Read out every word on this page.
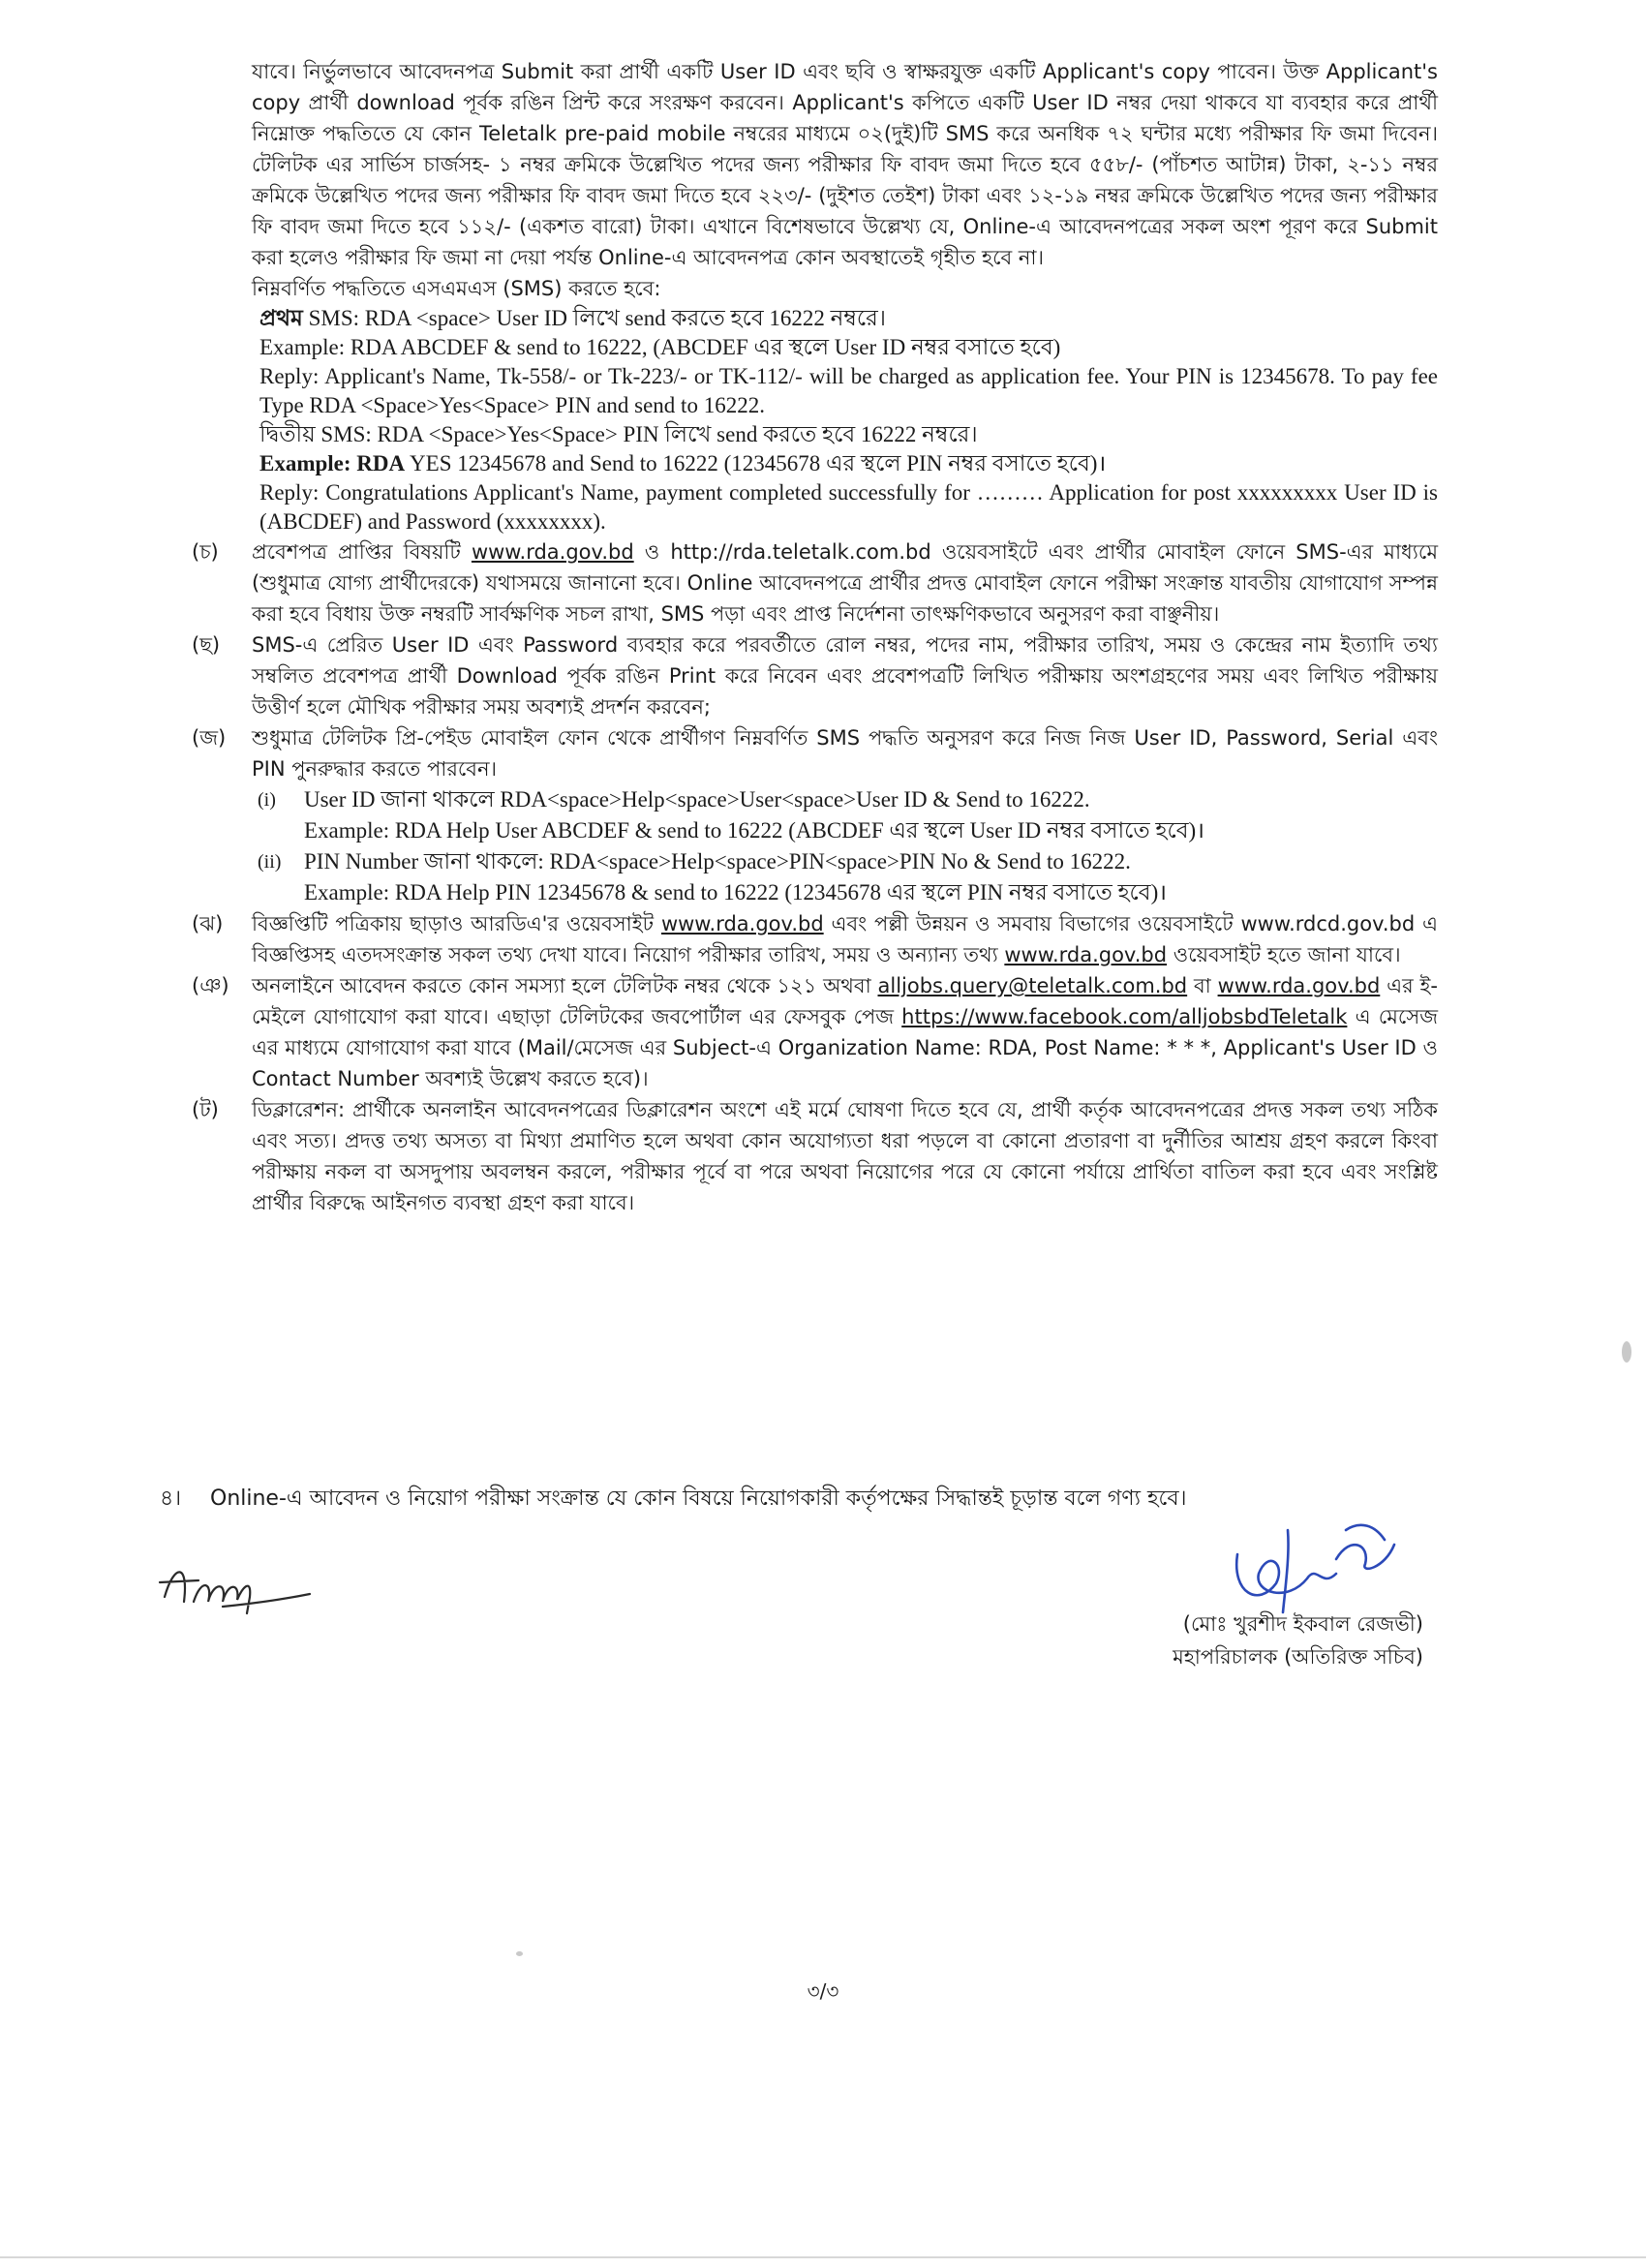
যাবে। নির্ভুলভাবে আবেদনপত্র Submit করা প্রার্থী একটি User ID এবং ছবি ও স্বাক্ষরযুক্ত একটি Applicant's copy পাবেন। উক্ত Applicant's copy প্রার্থী download পূর্বক রঙিন প্রিন্ট করে সংরক্ষণ করবেন। Applicant's কপিতে একটি User ID নম্বর দেয়া থাকবে যা ব্যবহার করে প্রার্থী নিম্নোক্ত পদ্ধতিতে যে কোন Teletalk pre-paid mobile নম্বরের মাধ্যমে ০২(দুই)টি SMS করে অনধিক ৭২ ঘন্টার মধ্যে পরীক্ষার ফি জমা দিবেন। টেলিটক এর সার্ভিস চার্জসহ- ১ নম্বর ক্রমিকে উল্লেখিত পদের জন্য পরীক্ষার ফি বাবদ জমা দিতে হবে ৫৫৮/- (পাঁচশত আটান্ন) টাকা, ২-১১ নম্বর ক্রমিকে উল্লেখিত পদের জন্য পরীক্ষার ফি বাবদ জমা দিতে হবে ২২৩/- (দুইশত তেইশ) টাকা এবং ১২-১৯ নম্বর ক্রমিকে উল্লেখিত পদের জন্য পরীক্ষার ফি বাবদ জমা দিতে হবে ১১২/- (একশত বারো) টাকা। এখানে বিশেষভাবে উল্লেখ্য যে, Online-এ আবেদনপত্রের সকল অংশ পূরণ করে Submit করা হলেও পরীক্ষার ফি জমা না দেয়া পর্যন্ত Online-এ আবেদনপত্র কোন অবস্থাতেই গৃহীত হবে না।

নিম্নবর্ণিত পদ্ধতিতে এসএমএস (SMS) করতে হবে:

প্রথম SMS: RDA <space> User ID লিখে send করতে হবে 16222 নম্বরে।

Example: RDA ABCDEF & send to 16222, (ABCDEF এর স্থলে User ID নম্বর বসাতে হবে)

Reply: Applicant's Name, Tk-558/- or Tk-223/- or TK-112/- will be charged as application fee. Your PIN is 12345678. To pay fee Type RDA <Space>Yes<Space> PIN and send to 16222.

দ্বিতীয় SMS: RDA <Space>Yes<Space> PIN লিখে send করতে হবে 16222 নম্বরে।

Example: RDA YES 12345678 and Send to 16222 (12345678 এর স্থলে PIN নম্বর বসাতে হবে)।

Reply: Congratulations Applicant's Name, payment completed successfully for ……… Application for post xxxxxxxxx User ID is (ABCDEF) and Password (xxxxxxxx).

(চ) প্রবেশপত্র প্রাপ্তির বিষয়টি www.rda.gov.bd ও http://rda.teletalk.com.bd ওয়েবসাইটে এবং প্রার্থীর মোবাইল ফোনে SMS-এর মাধ্যমে (শুধুমাত্র যোগ্য প্রার্থীদেরকে) যথাসময়ে জানানো হবে। Online আবেদনপত্রে প্রার্থীর প্রদত্ত মোবাইল ফোনে পরীক্ষা সংক্রান্ত যাবতীয় যোগাযোগ সম্পন্ন করা হবে বিধায় উক্ত নম্বরটি সার্বক্ষণিক সচল রাখা, SMS পড়া এবং প্রাপ্ত নির্দেশনা তাৎক্ষণিকভাবে অনুসরণ করা বাঞ্ছনীয়।
(ছ) SMS-এ প্রেরিত User ID এবং Password ব্যবহার করে পরবর্তীতে রোল নম্বর, পদের নাম, পরীক্ষার তারিখ, সময় ও কেন্দ্রের নাম ইত্যাদি তথ্য সম্বলিত প্রবেশপত্র প্রার্থী Download পূর্বক রঙিন Print করে নিবেন এবং প্রবেশপত্রটি লিখিত পরীক্ষায় অংশগ্রহণের সময় এবং লিখিত পরীক্ষায় উত্তীর্ণ হলে মৌখিক পরীক্ষার সময় অবশ্যই প্রদর্শন করবেন;
(জ) শুধুমাত্র টেলিটক প্রি-পেইড মোবাইল ফোন থেকে প্রার্থীগণ নিম্নবর্ণিত SMS পদ্ধতি অনুসরণ করে নিজ নিজ User ID, Password, Serial এবং PIN পুনরুদ্ধার করতে পারবেন।
(i) User ID জানা থাকলে RDA<space>Help<space>User<space>User ID & Send to 16222.
Example: RDA Help User ABCDEF & send to 16222 (ABCDEF এর স্থলে User ID নম্বর বসাতে হবে)।
(ii) PIN Number জানা থাকলে: RDA<space>Help<space>PIN<space>PIN No & Send to 16222.
Example: RDA Help PIN 12345678 & send to 16222 (12345678 এর স্থলে PIN নম্বর বসাতে হবে)।
(ঝ) বিজ্ঞপ্তিটি পত্রিকায় ছাড়াও আরডিএ'র ওয়েবসাইট www.rda.gov.bd এবং পল্লী উন্নয়ন ও সমবায় বিভাগের ওয়েবসাইটে www.rdcd.gov.bd এ বিজ্ঞপ্তিসহ এতদসংক্রান্ত সকল তথ্য দেখা যাবে। নিয়োগ পরীক্ষার তারিখ, সময় ও অন্যান্য তথ্য www.rda.gov.bd ওয়েবসাইট হতে জানা যাবে।
(ঞ) অনলাইনে আবেদন করতে কোন সমস্যা হলে টেলিটক নম্বর থেকে ১২১ অথবা alljobs.query@teletalk.com.bd বা www.rda.gov.bd এর ই-মেইলে যোগাযোগ করা যাবে। এছাড়া টেলিটকের জবপোর্টাল এর ফেসবুক পেজ https://www.facebook.com/alljobsbdTeletalk এ মেসেজ এর মাধ্যমে যোগাযোগ করা যাবে (Mail/মেসেজ এর Subject-এ Organization Name: RDA, Post Name: * * *, Applicant's User ID ও Contact Number অবশ্যই উল্লেখ করতে হবে)।
(ট) ডিক্লারেশন: প্রার্থীকে অনলাইন আবেদনপত্রের ডিক্লারেশন অংশে এই মর্মে ঘোষণা দিতে হবে যে, প্রার্থী কর্তৃক আবেদনপত্রের প্রদত্ত সকল তথ্য সঠিক এবং সত্য। প্রদত্ত তথ্য অসত্য বা মিথ্যা প্রমাণিত হলে অথবা কোন অযোগ্যতা ধরা পড়লে বা কোনো প্রতারণা বা দুর্নীতির আশ্রয় গ্রহণ করলে কিংবা পরীক্ষায় নকল বা অসদুপায় অবলম্বন করলে, পরীক্ষার পূর্বে বা পরে অথবা নিয়োগের পরে যে কোনো পর্যায়ে প্রার্থিতা বাতিল করা হবে এবং সংশ্লিষ্ট প্রার্থীর বিরুদ্ধে আইনগত ব্যবস্থা গ্রহণ করা যাবে।
৪। Online-এ আবেদন ও নিয়োগ পরীক্ষা সংক্রান্ত যে কোন বিষয়ে নিয়োগকারী কর্তৃপক্ষের সিদ্ধান্তই চূড়ান্ত বলে গণ্য হবে।
(মোঃ খুরশীদ ইকবাল রেজভী)
মহাপরিচালক (অতিরিক্ত সচিব)
৩/৩
